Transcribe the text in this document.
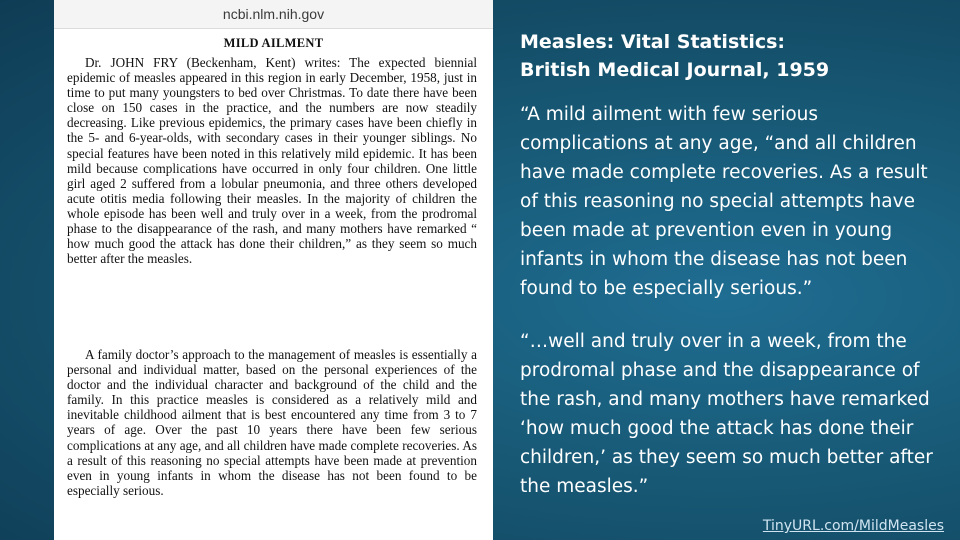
ncbi.nlm.nih.gov
MILD AILMENT

Dr. JOHN FRY (Beckenham, Kent) writes: The expected biennial epidemic of measles appeared in this region in early December, 1958, just in time to put many youngsters to bed over Christmas. To date there have been close on 150 cases in the practice, and the numbers are now steadily decreasing. Like previous epidemics, the primary cases have been chiefly in the 5- and 6-year-olds, with secondary cases in their younger siblings. No special features have been noted in this relatively mild epidemic. It has been mild because complications have occurred in only four children. One little girl aged 2 suffered from a lobular pneumonia, and three others developed acute otitis media following their measles. In the majority of children the whole episode has been well and truly over in a week, from the prodromal phase to the disappearance of the rash, and many mothers have remarked “ how much good the attack has done their children,” as they seem so much better after the measles.

A family doctor’s approach to the management of measles is essentially a personal and individual matter, based on the personal experiences of the doctor and the individual character and background of the child and the family. In this practice measles is considered as a relatively mild and inevitable childhood ailment that is best encountered any time from 3 to 7 years of age. Over the past 10 years there have been few serious complications at any age, and all children have made complete recoveries. As a result of this reasoning no special attempts have been made at prevention even in young infants in whom the disease has not been found to be especially serious.

Measles: Vital Statistics:

British Medical Journal, 1959

“A mild ailment with few serious complications at any age, “and all children have made complete recoveries. As a result of this reasoning no special attempts have been made at prevention even in young infants in whom the disease has not been found to be especially serious.”

“…well and truly over in a week, from the prodromal phase and the disappearance of the rash, and many mothers have remarked ‘how much good the attack has done their children,’ as they seem so much better after the measles.”

TinyURL.com/MildMeasles
